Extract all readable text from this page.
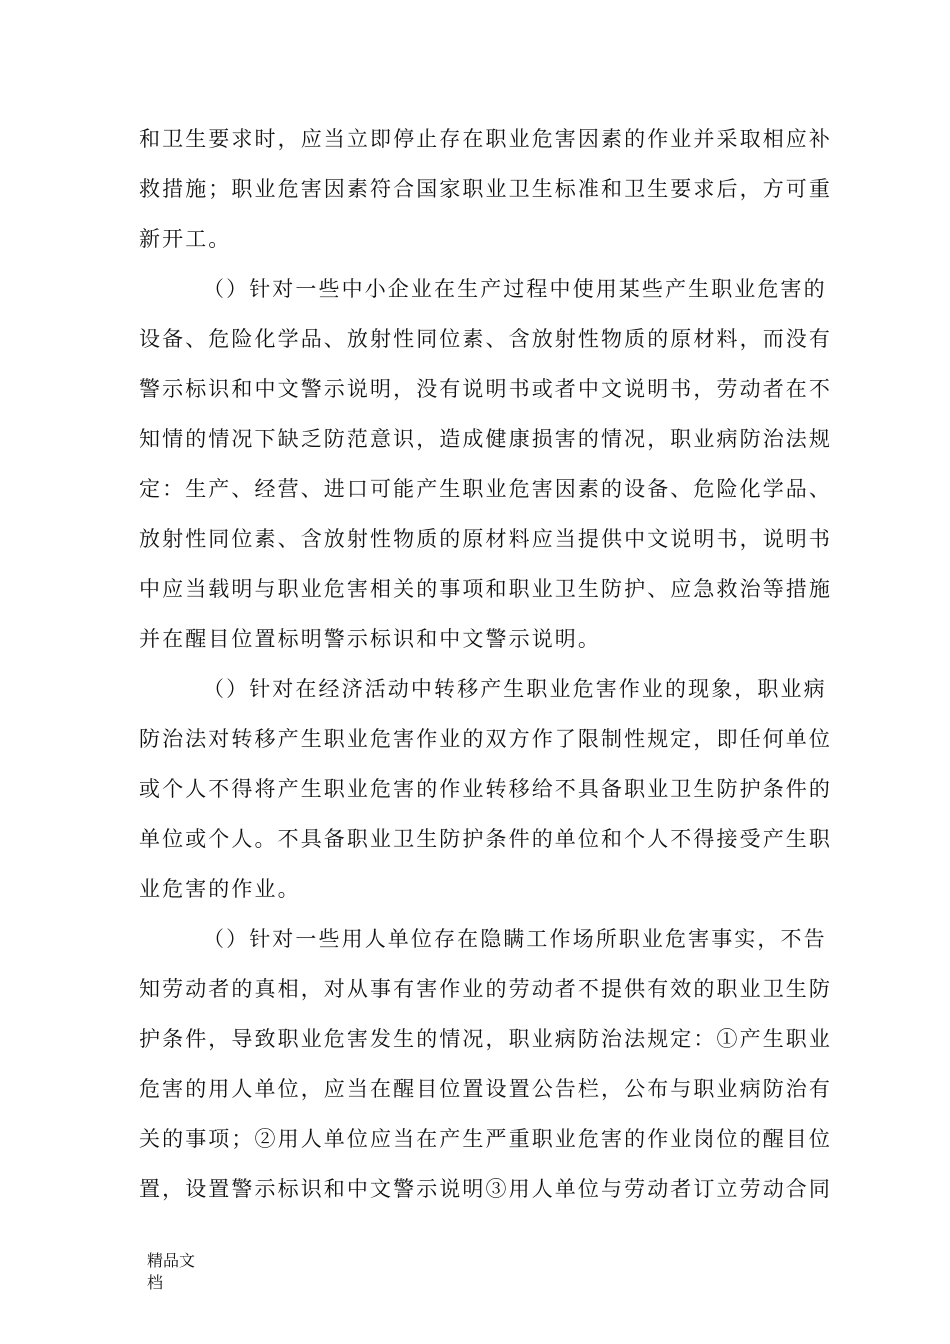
和卫生要求时，应当立即停止存在职业危害因素的作业并采取相应补
救措施；职业危害因素符合国家职业卫生标准和卫生要求后，方可重
新开工。
（）针对一些中小企业在生产过程中使用某些产生职业危害的
设备、危险化学品、放射性同位素、含放射性物质的原材料，而没有
警示标识和中文警示说明，没有说明书或者中文说明书，劳动者在不
知情的情况下缺乏防范意识，造成健康损害的情况，职业病防治法规
定：生产、经营、进口可能产生职业危害因素的设备、危险化学品、
放射性同位素、含放射性物质的原材料应当提供中文说明书，说明书
中应当载明与职业危害相关的事项和职业卫生防护、应急救治等措施
并在醒目位置标明警示标识和中文警示说明。
（）针对在经济活动中转移产生职业危害作业的现象，职业病
防治法对转移产生职业危害作业的双方作了限制性规定，即任何单位
或个人不得将产生职业危害的作业转移给不具备职业卫生防护条件的
单位或个人。不具备职业卫生防护条件的单位和个人不得接受产生职
业危害的作业。
（）针对一些用人单位存在隐瞒工作场所职业危害事实，不告
知劳动者的真相，对从事有害作业的劳动者不提供有效的职业卫生防
护条件，导致职业危害发生的情况，职业病防治法规定：①产生职业
危害的用人单位，应当在醒目位置设置公告栏，公布与职业病防治有
关的事项；②用人单位应当在产生严重职业危害的作业岗位的醒目位
置，设置警示标识和中文警示说明③用人单位与劳动者订立劳动合同
精品文
档
